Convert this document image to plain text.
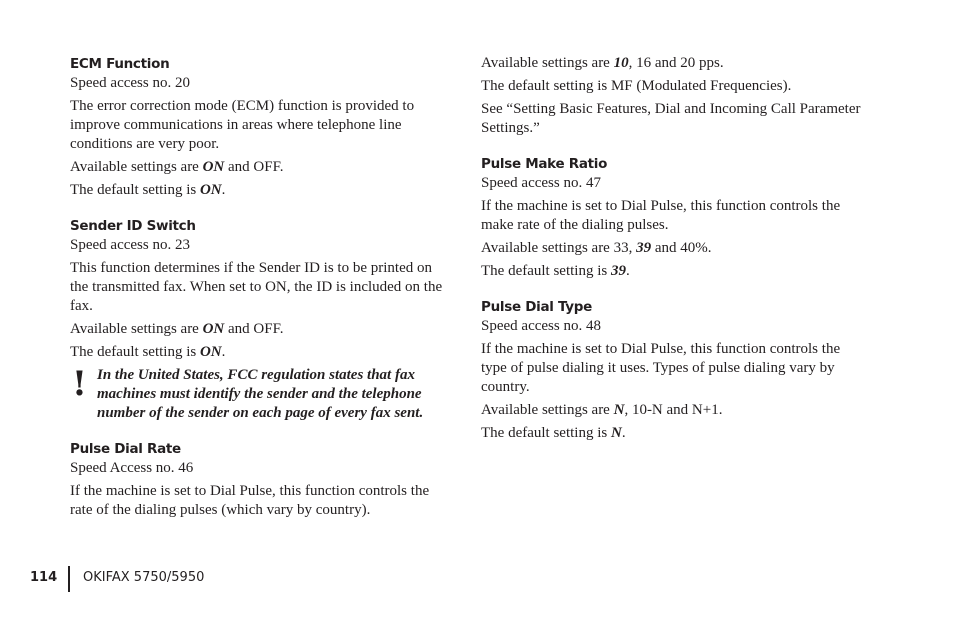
ECM Function

Speed access no. 20

The error correction mode (ECM) function is provided to improve communications in areas where telephone line conditions are very poor.

Available settings are ON and OFF.

The default setting is ON.

Sender ID Switch

Speed access no. 23

This function determines if the Sender ID is to be printed on the transmitted fax. When set to ON, the ID is included on the fax.

Available settings are ON and OFF.

The default setting is ON.

! In the United States, FCC regulation states that fax machines must identify the sender and the telephone number of the sender on each page of every fax sent.

Pulse Dial Rate

Speed Access no. 46

If the machine is set to Dial Pulse, this function controls the rate of the dialing pulses (which vary by country).

Available settings are 10, 16 and 20 pps.

The default setting is MF (Modulated Frequencies).

See “Setting Basic Features, Dial and Incoming Call Parameter Settings.”

Pulse Make Ratio

Speed access no. 47

If the machine is set to Dial Pulse, this function controls the make rate of the dialing pulses.

Available settings are 33, 39 and 40%.

The default setting is 39.

Pulse Dial Type

Speed access no. 48

If the machine is set to Dial Pulse, this function controls the type of pulse dialing it uses. Types of pulse dialing vary by country.

Available settings are N, 10-N and N+1.

The default setting is N.

114 OKIFAX 5750/5950
